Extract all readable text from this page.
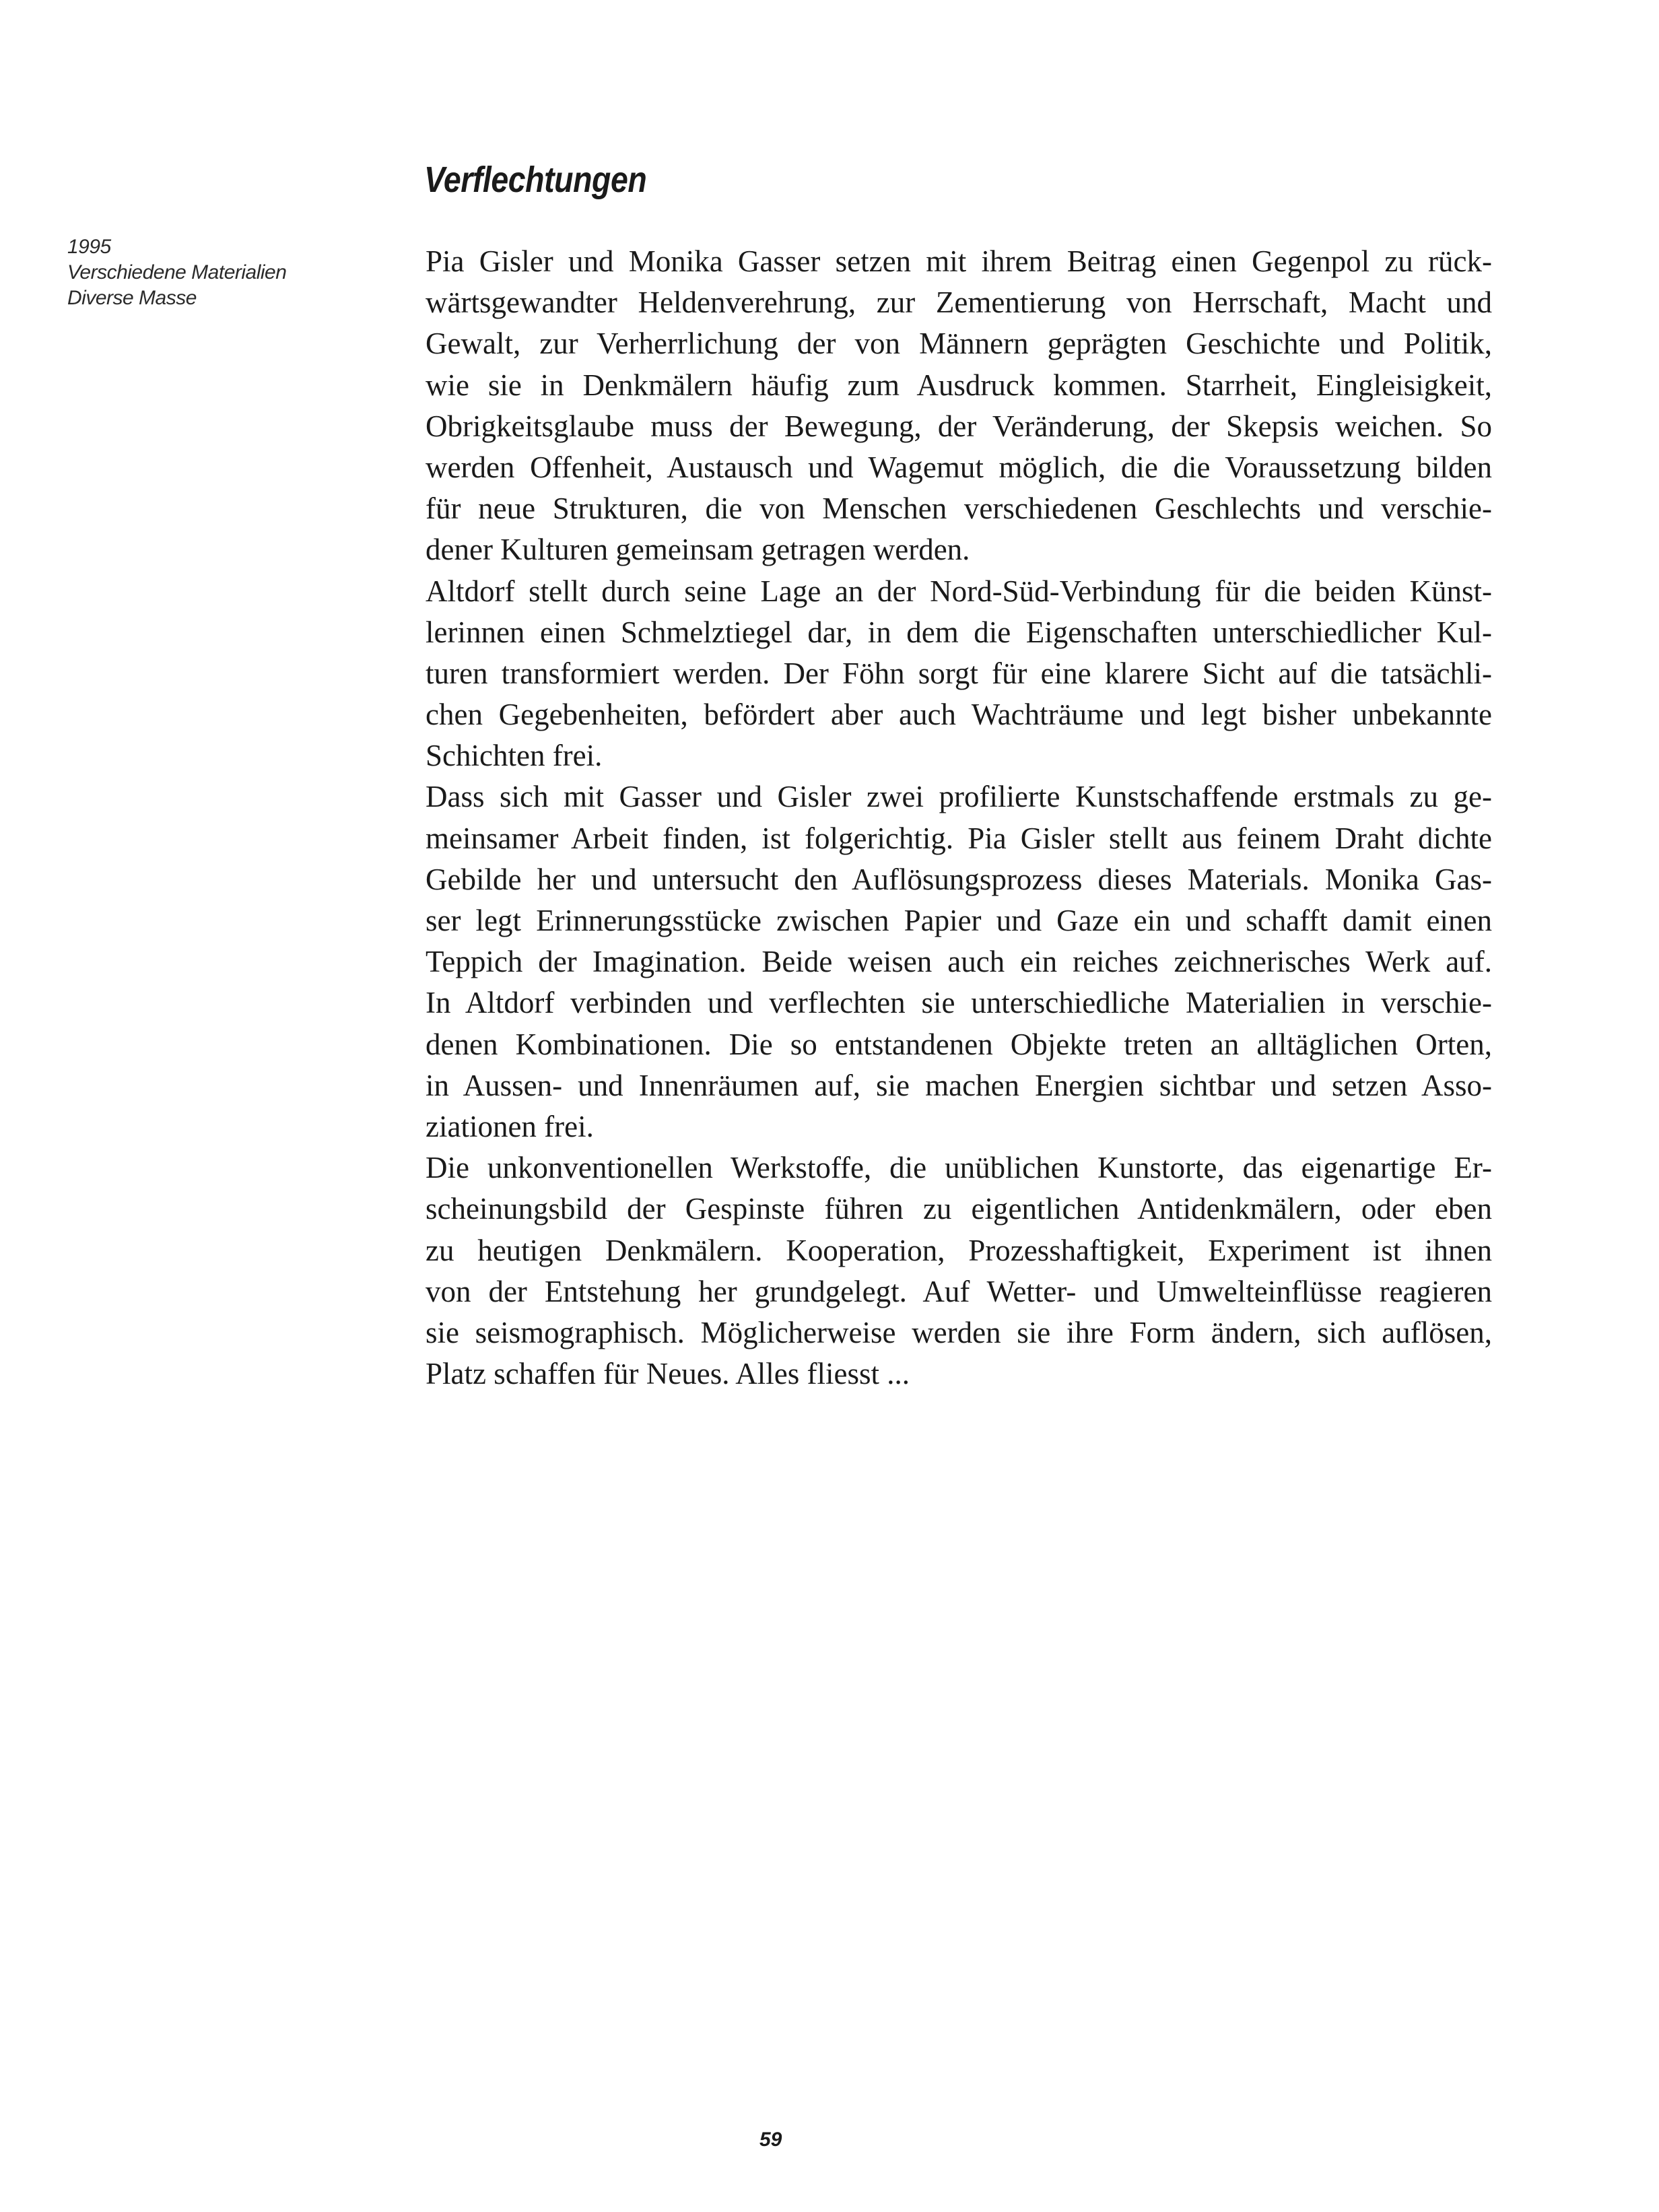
1995
Verschiedene Materialien
Diverse Masse
Verflechtungen
Pia Gisler und Monika Gasser setzen mit ihrem Beitrag einen Gegenpol zu rück-
wärtsgewandter Heldenverehrung, zur Zementierung von Herrschaft, Macht und
Gewalt, zur Verherrlichung der von Männern geprägten Geschichte und Politik,
wie sie in Denkmälern häufig zum Ausdruck kommen. Starrheit, Eingleisigkeit,
Obrigkeitsglaube muss der Bewegung, der Veränderung, der Skepsis weichen. So
werden Offenheit, Austausch und Wagemut möglich, die die Voraussetzung bilden
für neue Strukturen, die von Menschen verschiedenen Geschlechts und verschie-
dener Kulturen gemeinsam getragen werden.
Altdorf stellt durch seine Lage an der Nord-Süd-Verbindung für die beiden Künst-
lerinnen einen Schmelztiegel dar, in dem die Eigenschaften unterschiedlicher Kul-
turen transformiert werden. Der Föhn sorgt für eine klarere Sicht auf die tatsächli-
chen Gegebenheiten, befördert aber auch Wachträume und legt bisher unbekannte
Schichten frei.
Dass sich mit Gasser und Gisler zwei profilierte Kunstschaffende erstmals zu ge-
meinsamer Arbeit finden, ist folgerichtig. Pia Gisler stellt aus feinem Draht dichte
Gebilde her und untersucht den Auflösungsprozess dieses Materials. Monika Gas-
ser legt Erinnerungsstücke zwischen Papier und Gaze ein und schafft damit einen
Teppich der Imagination. Beide weisen auch ein reiches zeichnerisches Werk auf.
In Altdorf verbinden und verflechten sie unterschiedliche Materialien in verschie-
denen Kombinationen. Die so entstandenen Objekte treten an alltäglichen Orten,
in Aussen- und Innenräumen auf, sie machen Energien sichtbar und setzen Asso-
ziationen frei.
Die unkonventionellen Werkstoffe, die unüblichen Kunstorte, das eigenartige Er-
scheinungsbild der Gespinste führen zu eigentlichen Antidenkmälern, oder eben
zu heutigen Denkmälern. Kooperation, Prozesshaftigkeit, Experiment ist ihnen
von der Entstehung her grundgelegt. Auf Wetter- und Umwelteinflüsse reagieren
sie seismographisch. Möglicherweise werden sie ihre Form ändern, sich auflösen,
Platz schaffen für Neues. Alles fliesst ...
59
